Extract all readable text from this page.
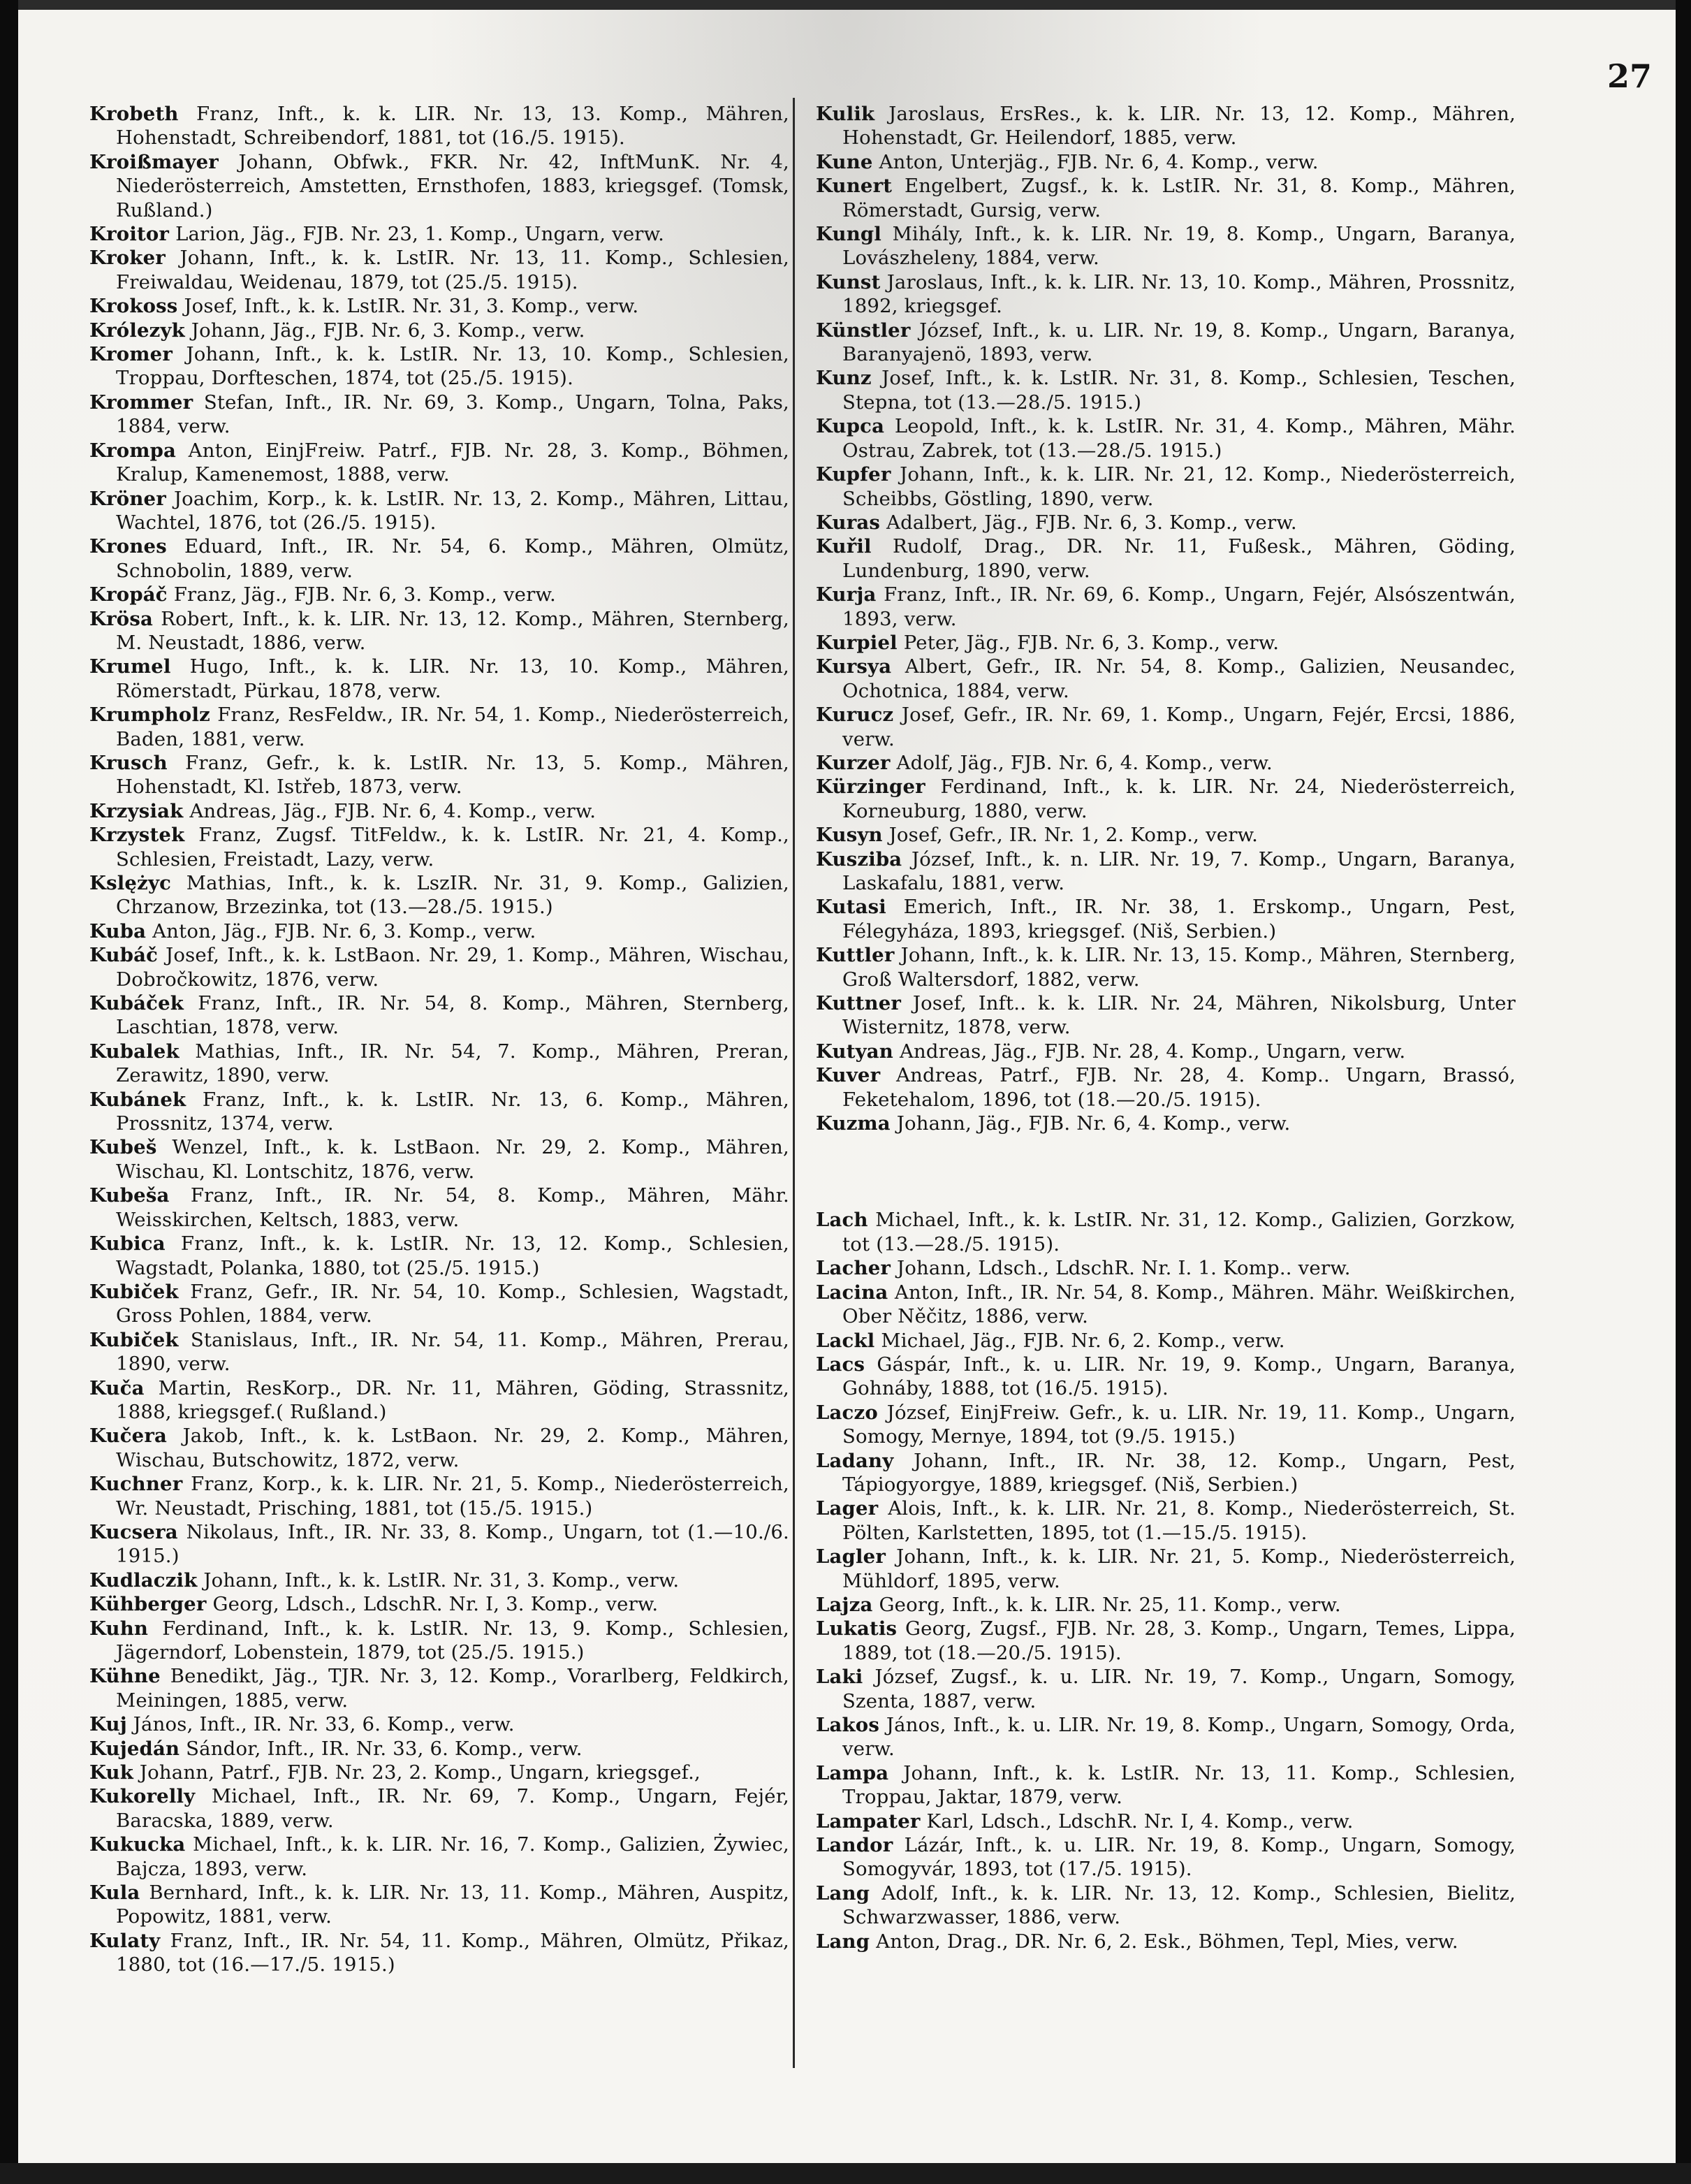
27

Krobeth Franz, Inft., k. k. LIR. Nr. 13, 13. Komp., Mähren, Hohenstadt, Schreibendorf, 1881, tot (16./5. 1915).

Kroißmayer Johann, Obfwk., FKR. Nr. 42, InftMunK. Nr. 4, Niederösterreich, Amstetten, Ernsthofen, 1883, kriegsgef. (Tomsk, Rußland.)

Kroitor Larion, Jäg., FJB. Nr. 23, 1. Komp., Ungarn, verw.

Kroker Johann, Inft., k. k. LstIR. Nr. 13, 11. Komp., Schlesien, Freiwaldau, Weidenau, 1879, tot (25./5. 1915).

Krokoss Josef, Inft., k. k. LstIR. Nr. 31, 3. Komp., verw.

Królezyk Johann, Jäg., FJB. Nr. 6, 3. Komp., verw.

Kromer Johann, Inft., k. k. LstIR. Nr. 13, 10. Komp., Schlesien, Troppau, Dorfteschen, 1874, tot (25./5. 1915).

Krommer Stefan, Inft., IR. Nr. 69, 3. Komp., Ungarn, Tolna, Paks, 1884, verw.

Krompa Anton, EinjFreiw. Patrf., FJB. Nr. 28, 3. Komp., Böhmen, Kralup, Kamenemost, 1888, verw.

Kröner Joachim, Korp., k. k. LstIR. Nr. 13, 2. Komp., Mähren, Littau, Wachtel, 1876, tot (26./5. 1915).

Krones Eduard, Inft., IR. Nr. 54, 6. Komp., Mähren, Olmütz, Schnobolin, 1889, verw.

Kropáč Franz, Jäg., FJB. Nr. 6, 3. Komp., verw.

Krösa Robert, Inft., k. k. LIR. Nr. 13, 12. Komp., Mähren, Sternberg, M. Neustadt, 1886, verw.

Krumel Hugo, Inft., k. k. LIR. Nr. 13, 10. Komp., Mähren, Römerstadt, Pürkau, 1878, verw.

Krumpholz Franz, ResFeldw., IR. Nr. 54, 1. Komp., Niederösterreich, Baden, 1881, verw.

Krusch Franz, Gefr., k. k. LstIR. Nr. 13, 5. Komp., Mähren, Hohenstadt, Kl. Istřeb, 1873, verw.

Krzysiak Andreas, Jäg., FJB. Nr. 6, 4. Komp., verw.

Krzystek Franz, Zugsf. TitFeldw., k. k. LstIR. Nr. 21, 4. Komp., Schlesien, Freistadt, Lazy, verw.

Kslężyc Mathias, Inft., k. k. LszIR. Nr. 31, 9. Komp., Galizien, Chrzanow, Brzezinka, tot (13.—28./5. 1915.)

Kuba Anton, Jäg., FJB. Nr. 6, 3. Komp., verw.

Kubáč Josef, Inft., k. k. LstBaon. Nr. 29, 1. Komp., Mähren, Wischau, Dobročkowitz, 1876, verw.

Kubáček Franz, Inft., IR. Nr. 54, 8. Komp., Mähren, Sternberg, Laschtian, 1878, verw.

Kubalek Mathias, Inft., IR. Nr. 54, 7. Komp., Mähren, Preran, Zerawitz, 1890, verw.

Kubánek Franz, Inft., k. k. LstIR. Nr. 13, 6. Komp., Mähren, Prossnitz, 1374, verw.

Kubeš Wenzel, Inft., k. k. LstBaon. Nr. 29, 2. Komp., Mähren, Wischau, Kl. Lontschitz, 1876, verw.

Kubeša Franz, Inft., IR. Nr. 54, 8. Komp., Mähren, Mähr. Weisskirchen, Keltsch, 1883, verw.

Kubica Franz, Inft., k. k. LstIR. Nr. 13, 12. Komp., Schlesien, Wagstadt, Polanka, 1880, tot (25./5. 1915.)

Kubiček Franz, Gefr., IR. Nr. 54, 10. Komp., Schlesien, Wagstadt, Gross Pohlen, 1884, verw.

Kubiček Stanislaus, Inft., IR. Nr. 54, 11. Komp., Mähren, Prerau, 1890, verw.

Kuča Martin, ResKorp., DR. Nr. 11, Mähren, Göding, Strassnitz, 1888, kriegsgef.( Rußland.)

Kučera Jakob, Inft., k. k. LstBaon. Nr. 29, 2. Komp., Mähren, Wischau, Butschowitz, 1872, verw.

Kuchner Franz, Korp., k. k. LIR. Nr. 21, 5. Komp., Niederösterreich, Wr. Neustadt, Prisching, 1881, tot (15./5. 1915.)

Kucsera Nikolaus, Inft., IR. Nr. 33, 8. Komp., Ungarn, tot (1.—10./6. 1915.)

Kudlaczik Johann, Inft., k. k. LstIR. Nr. 31, 3. Komp., verw.

Kühberger Georg, Ldsch., LdschR. Nr. I, 3. Komp., verw.

Kuhn Ferdinand, Inft., k. k. LstIR. Nr. 13, 9. Komp., Schlesien, Jägerndorf, Lobenstein, 1879, tot (25./5. 1915.)

Kühne Benedikt, Jäg., TJR. Nr. 3, 12. Komp., Vorarlberg, Feldkirch, Meiningen, 1885, verw.

Kuj János, Inft., IR. Nr. 33, 6. Komp., verw.

Kujedán Sándor, Inft., IR. Nr. 33, 6. Komp., verw.

Kuk Johann, Patrf., FJB. Nr. 23, 2. Komp., Ungarn, kriegsgef.,

Kukorelly Michael, Inft., IR. Nr. 69, 7. Komp., Ungarn, Fejér, Baracska, 1889, verw.

Kukucka Michael, Inft., k. k. LIR. Nr. 16, 7. Komp., Galizien, Żywiec, Bajcza, 1893, verw.

Kula Bernhard, Inft., k. k. LIR. Nr. 13, 11. Komp., Mähren, Auspitz, Popowitz, 1881, verw.

Kulaty Franz, Inft., IR. Nr. 54, 11. Komp., Mähren, Olmütz, Přikaz, 1880, tot (16.—17./5. 1915.)

Kulik Jaroslaus, ErsRes., k. k. LIR. Nr. 13, 12. Komp., Mähren, Hohenstadt, Gr. Heilendorf, 1885, verw.

Kune Anton, Unterjäg., FJB. Nr. 6, 4. Komp., verw.

Kunert Engelbert, Zugsf., k. k. LstIR. Nr. 31, 8. Komp., Mähren, Römerstadt, Gursig, verw.

Kungl Mihály, Inft., k. k. LIR. Nr. 19, 8. Komp., Ungarn, Baranya, Lovászheleny, 1884, verw.

Kunst Jaroslaus, Inft., k. k. LIR. Nr. 13, 10. Komp., Mähren, Prossnitz, 1892, kriegsgef.

Künstler József, Inft., k. u. LIR. Nr. 19, 8. Komp., Ungarn, Baranya, Baranyajenö, 1893, verw.

Kunz Josef, Inft., k. k. LstIR. Nr. 31, 8. Komp., Schlesien, Teschen, Stepna, tot (13.—28./5. 1915.)

Kupca Leopold, Inft., k. k. LstIR. Nr. 31, 4. Komp., Mähren, Mähr. Ostrau, Zabrek, tot (13.—28./5. 1915.)

Kupfer Johann, Inft., k. k. LIR. Nr. 21, 12. Komp., Niederösterreich, Scheibbs, Göstling, 1890, verw.

Kuras Adalbert, Jäg., FJB. Nr. 6, 3. Komp., verw.

Kuřil Rudolf, Drag., DR. Nr. 11, Fußesk., Mähren, Göding, Lundenburg, 1890, verw.

Kurja Franz, Inft., IR. Nr. 69, 6. Komp., Ungarn, Fejér, Alsószentwán, 1893, verw.

Kurpiel Peter, Jäg., FJB. Nr. 6, 3. Komp., verw.

Kursya Albert, Gefr., IR. Nr. 54, 8. Komp., Galizien, Neusandec, Ochotnica, 1884, verw.

Kurucz Josef, Gefr., IR. Nr. 69, 1. Komp., Ungarn, Fejér, Ercsi, 1886, verw.

Kurzer Adolf, Jäg., FJB. Nr. 6, 4. Komp., verw.

Kürzinger Ferdinand, Inft., k. k. LIR. Nr. 24, Niederösterreich, Korneuburg, 1880, verw.

Kusyn Josef, Gefr., IR. Nr. 1, 2. Komp., verw.

Kusziba József, Inft., k. n. LIR. Nr. 19, 7. Komp., Ungarn, Baranya, Laskafalu, 1881, verw.

Kutasi Emerich, Inft., IR. Nr. 38, 1. Erskomp., Ungarn, Pest, Félegyháza, 1893, kriegsgef. (Niš, Serbien.)

Kuttler Johann, Inft., k. k. LIR. Nr. 13, 15. Komp., Mähren, Sternberg, Groß Waltersdorf, 1882, verw.

Kuttner Josef, Inft.. k. k. LIR. Nr. 24, Mähren, Nikolsburg, Unter Wisternitz, 1878, verw.

Kutyan Andreas, Jäg., FJB. Nr. 28, 4. Komp., Ungarn, verw.

Kuver Andreas, Patrf., FJB. Nr. 28, 4. Komp.. Ungarn, Brassó, Feketehalom, 1896, tot (18.—20./5. 1915).

Kuzma Johann, Jäg., FJB. Nr. 6, 4. Komp., verw.

Lach Michael, Inft., k. k. LstIR. Nr. 31, 12. Komp., Galizien, Gorzkow, tot (13.—28./5. 1915).

Lacher Johann, Ldsch., LdschR. Nr. I. 1. Komp.. verw.

Lacina Anton, Inft., IR. Nr. 54, 8. Komp., Mähren. Mähr. Weißkirchen, Ober Něčitz, 1886, verw.

Lackl Michael, Jäg., FJB. Nr. 6, 2. Komp., verw.

Lacs Gáspár, Inft., k. u. LIR. Nr. 19, 9. Komp., Ungarn, Baranya, Gohnáby, 1888, tot (16./5. 1915).

Laczo József, EinjFreiw. Gefr., k. u. LIR. Nr. 19, 11. Komp., Ungarn, Somogy, Mernye, 1894, tot (9./5. 1915.)

Ladany Johann, Inft., IR. Nr. 38, 12. Komp., Ungarn, Pest, Tápiogyorgye, 1889, kriegsgef. (Niš, Serbien.)

Lager Alois, Inft., k. k. LIR. Nr. 21, 8. Komp., Niederösterreich, St. Pölten, Karlstetten, 1895, tot (1.—15./5. 1915).

Lagler Johann, Inft., k. k. LIR. Nr. 21, 5. Komp., Niederösterreich, Mühldorf, 1895, verw.

Lajza Georg, Inft., k. k. LIR. Nr. 25, 11. Komp., verw.

Lukatis Georg, Zugsf., FJB. Nr. 28, 3. Komp., Ungarn, Temes, Lippa, 1889, tot (18.—20./5. 1915).

Laki József, Zugsf., k. u. LIR. Nr. 19, 7. Komp., Ungarn, Somogy, Szenta, 1887, verw.

Lakos János, Inft., k. u. LIR. Nr. 19, 8. Komp., Ungarn, Somogy, Orda, verw.

Lampa Johann, Inft., k. k. LstIR. Nr. 13, 11. Komp., Schlesien, Troppau, Jaktar, 1879, verw.

Lampater Karl, Ldsch., LdschR. Nr. I, 4. Komp., verw.

Landor Lázár, Inft., k. u. LIR. Nr. 19, 8. Komp., Ungarn, Somogy, Somogyvár, 1893, tot (17./5. 1915).

Lang Adolf, Inft., k. k. LIR. Nr. 13, 12. Komp., Schlesien, Bielitz, Schwarzwasser, 1886, verw.

Lang Anton, Drag., DR. Nr. 6, 2. Esk., Böhmen, Tepl, Mies, verw.
